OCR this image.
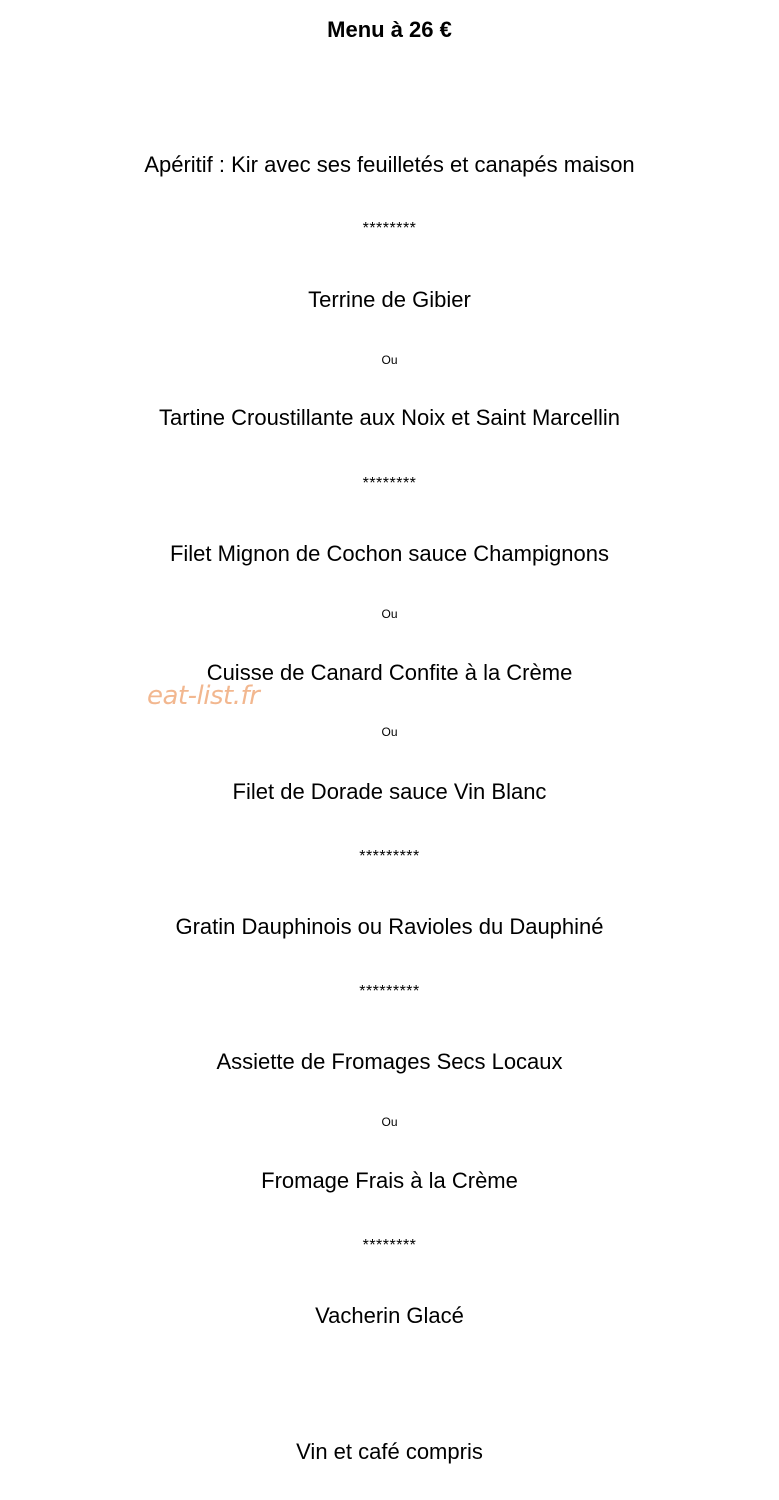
Menu à 26 €
Apéritif : Kir avec ses feuilletés et canapés maison
********
Terrine de Gibier
Ou
Tartine Croustillante aux Noix et Saint Marcellin
********
Filet Mignon de Cochon sauce Champignons
Ou
Cuisse de Canard Confite à la Crème
eat-list.fr
Ou
Filet de Dorade sauce Vin Blanc
*********
Gratin Dauphinois ou Ravioles du Dauphiné
*********
Assiette de Fromages Secs Locaux
Ou
Fromage Frais à la Crème
********
Vacherin Glacé
Vin et café compris
